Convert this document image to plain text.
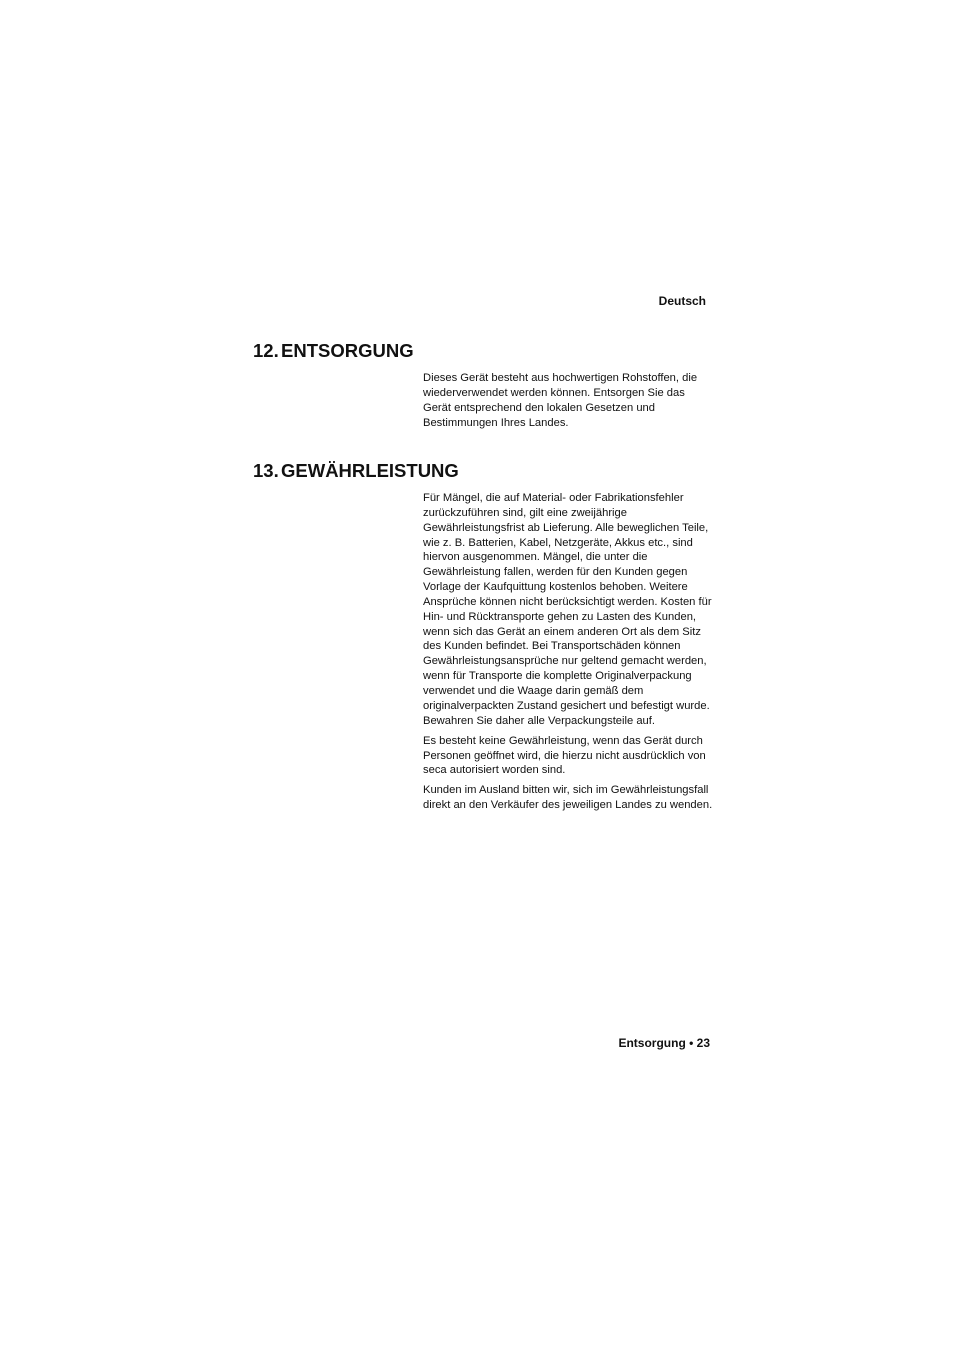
Deutsch
12. ENTSORGUNG

Dieses Gerät besteht aus hochwertigen Rohstoffen, die wiederverwendet werden können. Entsorgen Sie das Gerät entsprechend den lokalen Gesetzen und Bestimmungen Ihres Landes.

13. GEWÄHRLEISTUNG

Für Mängel, die auf Material- oder Fabrikationsfehler zurückzuführen sind, gilt eine zweijährige Gewährleistungsfrist ab Lieferung. Alle beweglichen Teile, wie z. B. Batterien, Kabel, Netzgeräte, Akkus etc., sind hiervon ausgenommen. Mängel, die unter die Gewährleistung fallen, werden für den Kunden gegen Vorlage der Kaufquittung kostenlos behoben. Weitere Ansprüche können nicht berücksichtigt werden. Kosten für Hin- und Rücktransporte gehen zu Lasten des Kunden, wenn sich das Gerät an einem anderen Ort als dem Sitz des Kunden befindet. Bei Transportschäden können Gewährleistungsansprüche nur geltend gemacht werden, wenn für Transporte die komplette Originalverpackung verwendet und die Waage darin gemäß dem originalverpackten Zustand gesichert und befestigt wurde. Bewahren Sie daher alle Verpackungsteile auf.

Es besteht keine Gewährleistung, wenn das Gerät durch Personen geöffnet wird, die hierzu nicht ausdrücklich von seca autorisiert worden sind.

Kunden im Ausland bitten wir, sich im Gewährleistungsfall direkt an den Verkäufer des jeweiligen Landes zu wenden.

Entsorgung • 23
